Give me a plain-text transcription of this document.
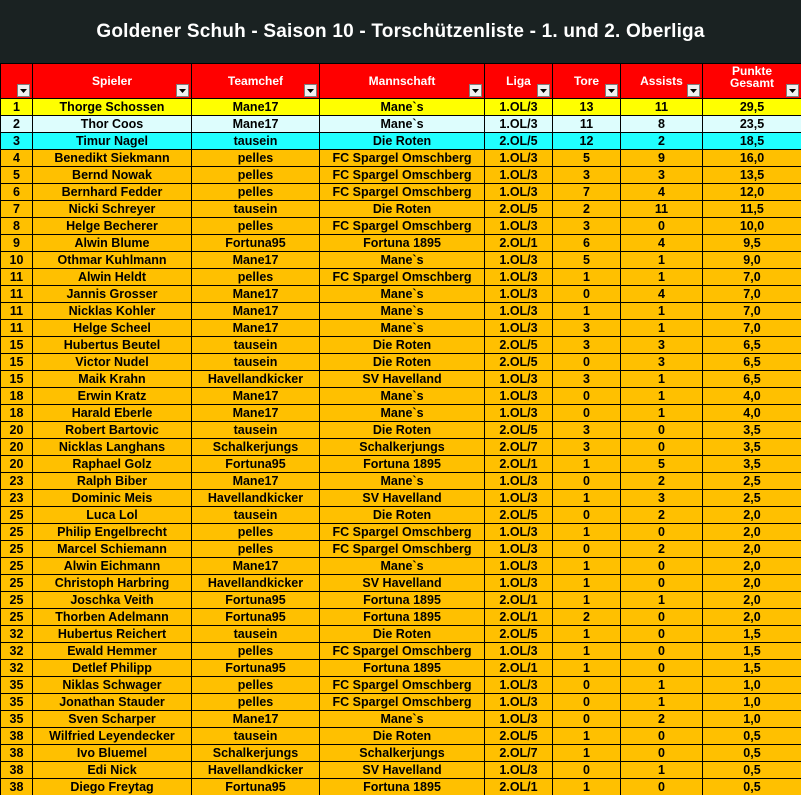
Goldener Schuh - Saison 10 - Torschützenliste - 1. und 2. Oberliga
	Spieler	Teamchef	Mannschaft	Liga	Tore	Assists	Punkte Gesamt

1	Thorge Schossen	Mane17	Mane`s	1.OL/3	13	11	29,5
2	Thor Coos	Mane17	Mane`s	1.OL/3	11	8	23,5
3	Timur Nagel	tausein	Die Roten	2.OL/5	12	2	18,5
4	Benedikt Siekmann	pelles	FC Spargel Omschberg	1.OL/3	5	9	16,0
5	Bernd Nowak	pelles	FC Spargel Omschberg	1.OL/3	3	3	13,5
6	Bernhard Fedder	pelles	FC Spargel Omschberg	1.OL/3	7	4	12,0
7	Nicki Schreyer	tausein	Die Roten	2.OL/5	2	11	11,5
8	Helge Becherer	pelles	FC Spargel Omschberg	1.OL/3	3	0	10,0
9	Alwin Blume	Fortuna95	Fortuna 1895	2.OL/1	6	4	9,5
10	Othmar Kuhlmann	Mane17	Mane`s	1.OL/3	5	1	9,0
11	Alwin Heldt	pelles	FC Spargel Omschberg	1.OL/3	1	1	7,0
11	Jannis Grosser	Mane17	Mane`s	1.OL/3	0	4	7,0
11	Nicklas Kohler	Mane17	Mane`s	1.OL/3	1	1	7,0
11	Helge Scheel	Mane17	Mane`s	1.OL/3	3	1	7,0
15	Hubertus Beutel	tausein	Die Roten	2.OL/5	3	3	6,5
15	Victor Nudel	tausein	Die Roten	2.OL/5	0	3	6,5
15	Maik Krahn	Havellandkicker	SV Havelland	1.OL/3	3	1	6,5
18	Erwin Kratz	Mane17	Mane`s	1.OL/3	0	1	4,0
18	Harald Eberle	Mane17	Mane`s	1.OL/3	0	1	4,0
20	Robert Bartovic	tausein	Die Roten	2.OL/5	3	0	3,5
20	Nicklas Langhans	Schalkerjungs	Schalkerjungs	2.OL/7	3	0	3,5
20	Raphael Golz	Fortuna95	Fortuna 1895	2.OL/1	1	5	3,5
23	Ralph Biber	Mane17	Mane`s	1.OL/3	0	2	2,5
23	Dominic Meis	Havellandkicker	SV Havelland	1.OL/3	1	3	2,5
25	Luca Lol	tausein	Die Roten	2.OL/5	0	2	2,0
25	Philip Engelbrecht	pelles	FC Spargel Omschberg	1.OL/3	1	0	2,0
25	Marcel Schiemann	pelles	FC Spargel Omschberg	1.OL/3	0	2	2,0
25	Alwin Eichmann	Mane17	Mane`s	1.OL/3	1	0	2,0
25	Christoph Harbring	Havellandkicker	SV Havelland	1.OL/3	1	0	2,0
25	Joschka Veith	Fortuna95	Fortuna 1895	2.OL/1	1	1	2,0
25	Thorben Adelmann	Fortuna95	Fortuna 1895	2.OL/1	2	0	2,0
32	Hubertus Reichert	tausein	Die Roten	2.OL/5	1	0	1,5
32	Ewald Hemmer	pelles	FC Spargel Omschberg	1.OL/3	1	0	1,5
32	Detlef Philipp	Fortuna95	Fortuna 1895	2.OL/1	1	0	1,5
35	Niklas Schwager	pelles	FC Spargel Omschberg	1.OL/3	0	1	1,0
35	Jonathan Stauder	pelles	FC Spargel Omschberg	1.OL/3	0	1	1,0
35	Sven Scharper	Mane17	Mane`s	1.OL/3	0	2	1,0
38	Wilfried Leyendecker	tausein	Die Roten	2.OL/5	1	0	0,5
38	Ivo Bluemel	Schalkerjungs	Schalkerjungs	2.OL/7	1	0	0,5
38	Edi Nick	Havellandkicker	SV Havelland	1.OL/3	0	1	0,5
38	Diego Freytag	Fortuna95	Fortuna 1895	2.OL/1	1	0	0,5
